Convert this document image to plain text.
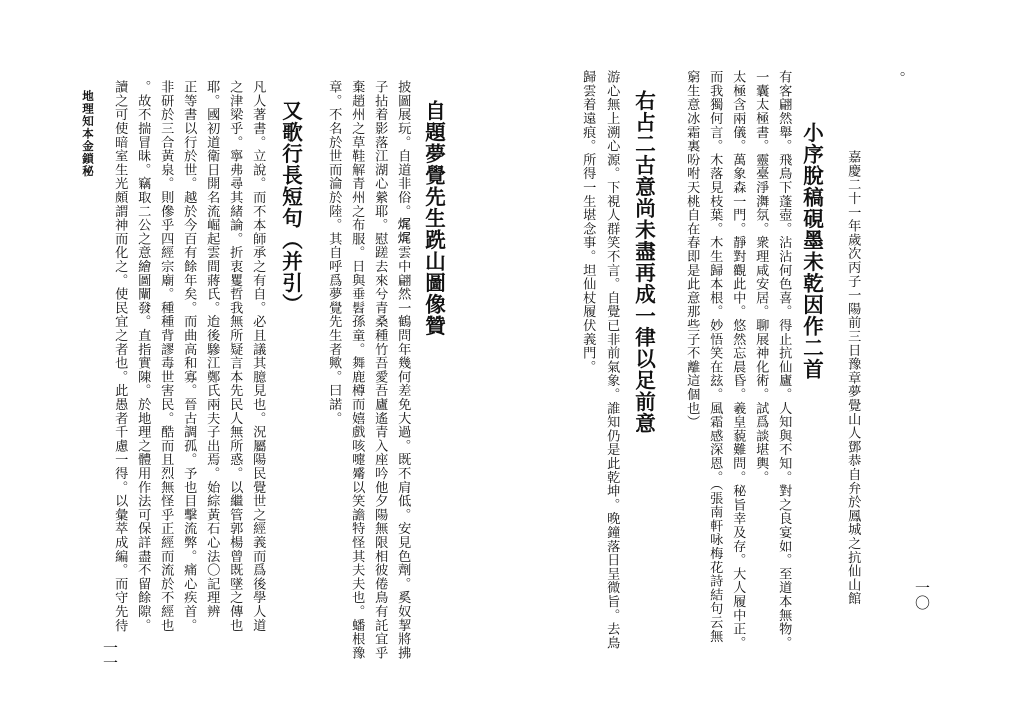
。
一〇
嘉慶二十一年歲次丙子一陽前三日豫章夢覺山人鄧恭自弁於鳳城之抗仙山館
小序脫稿硯墨未乾因作二首
有客翩然舉。飛鳥下蓬壺。沾沾何色喜。得止抗仙廬。人知與不知。對之良宴如。至道本無物。
一囊太極書。靈臺淨㵲氛。衆理咸安居。聊展神化術。試爲談堪輿。
太極含兩儀。萬象森一門。靜對觀此中。悠然忘晨昏。羲皇藐難問。秘旨幸及存。大人履中正。
而我獨何言。木落見枝葉。木生歸本根。妙悟笑在玆。風霜感深恩。（張南軒咏梅花詩結句云無
窮生意冰霜裏吩咐天桃自在春即是此意那些子不離這個也）
右占二古意尚未盡再成一律以足前意
游心無上溯心源。下視人群笑不言。自覺已非前氣象。誰知仍是此乾坤。晚鐘落日呈微旨。去鳥
歸雲着遠痕。所得一生堪念事。坦仙杖履伏義門。
自題夢覺先生跣山圖像贊
披圖展玩。自道非俗。𤈦𤈦雲中翩然一鶴問年幾何差免大過。既不肩低。安見色劑。奚奴挈將拂
子拈着影落江湖心縈耶。慰蹉去來兮青桑種竹吾愛吾廬遙青入座吟他夕陽無限相彼倦鳥有託宜乎
棄趙州之草鞋解青州之布服。日與垂髫孫童。舞鹿樽而嬉戲咳嚏觱以笑譫特怪其夫夫也。蟠根豫
章。不名於世而淪於陸。其自呼爲夢覺先生者歟。曰諾。
又歌行長短句（并引）
凡人著書。立說。而不本師承之有自。必且議其臆見也。況屬陽民覺世之經義而爲後學人道
之津梁乎。寧弗尋其緒論。折衷矍哲我無所疑言本先民人無所惑。以繼管郭楊曾既墜之傳也
耶。國初道衛日開名流崛起雲間蔣氏。迨後驂江鄭氏兩夫子出焉。始綜黃石心法〇記理辨
正等書以行於世。越於今百有餘年矣。而曲高和寡。晉古調孤。予也目擊流弊。痛心疾首。
非研於三合黃泉。則傪乎四經宗廟。種種背謬毒世害民。酷而且烈無怪乎正經而流於不經也
。故不揣冒昧。竊取二公之意繪圖闡發。直指實陳。於地理之體用作法可保詳盡不留餘隙。
讀之可使暗室生光頗謂神而化之。使民宜之者也。此愚者千慮一得。以彙萃成編。而守先待
地理知本金鎖秘
一一
